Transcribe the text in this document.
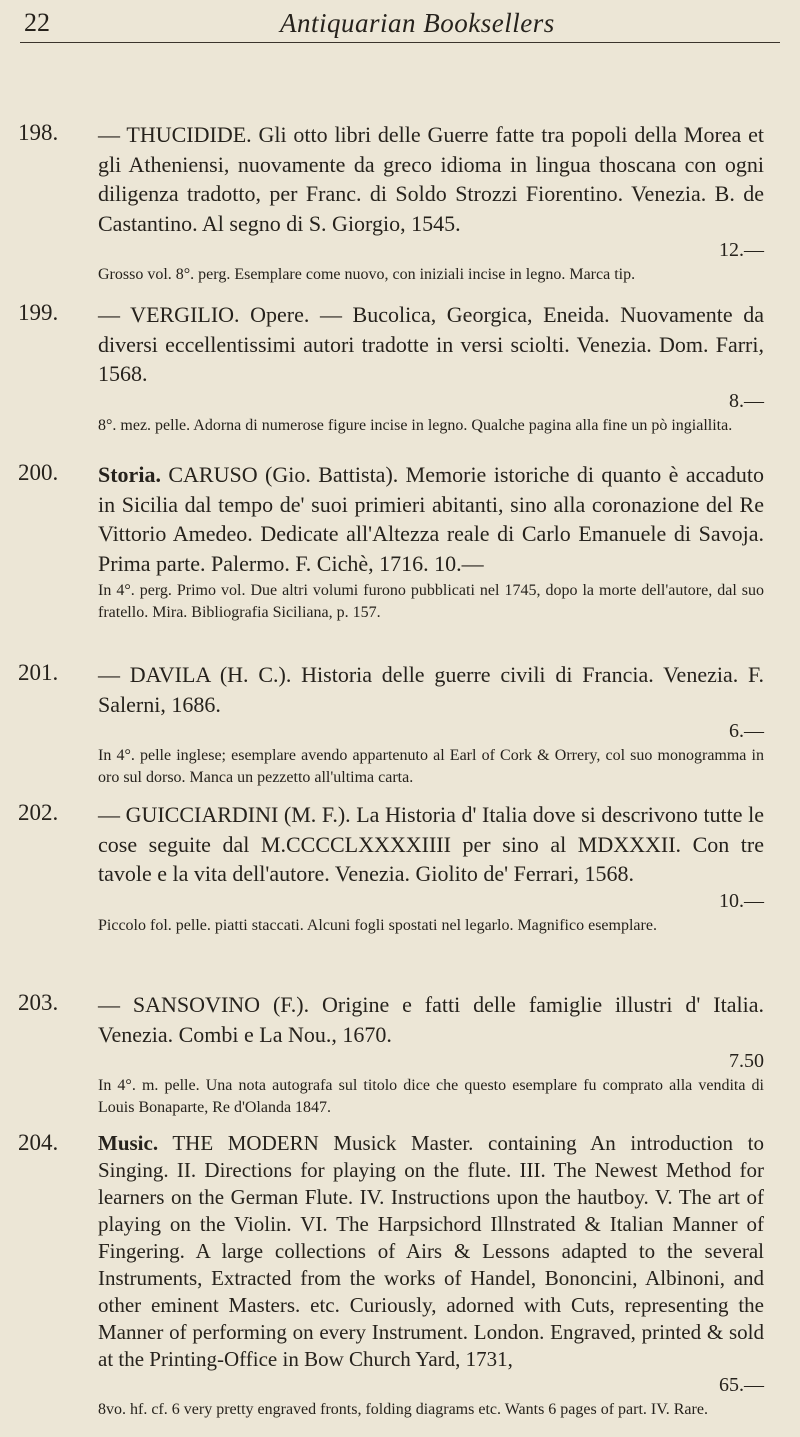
22	Antiquarian Booksellers
198.	— THUCIDIDE. Gli otto libri delle Guerre fatte tra popoli della Morea et gli Atheniensi, nuovamente da greco idioma in lingua thoscana con ogni diligenza tradotto, per Franc. di Soldo Strozzi Fiorentino. Venezia. B. de Castantino. Al segno di S. Giorgio, 1545.
12.—
Grosso vol. 8°. perg. Esemplare come nuovo, con iniziali incise in legno. Marca tip.
199.	— VERGILIO. Opere. — Bucolica, Georgica, Eneida. Nuovamente da diversi eccellentissimi autori tradotte in versi sciolti. Venezia. Dom. Farri, 1568.
8.—
8°. mez. pelle. Adorna di numerose figure incise in legno. Qualche pagina alla fine un pò ingiallita.
200.	Storia. CARUSO (Gio. Battista). Memorie istoriche di quanto è accaduto in Sicilia dal tempo de' suoi primieri abitanti, sino alla coronazione del Re Vittorio Amedeo. Dedicate all'Altezza reale di Carlo Emanuele di Savoja. Prima parte. Palermo. F. Cichè, 1716. 10.—
In 4°. perg. Primo vol. Due altri volumi furono pubblicati nel 1745, dopo la morte dell'autore, dal suo fratello. Mira. Bibliografia Siciliana, p. 157.
201.	— DAVILA (H. C.). Historia delle guerre civili di Francia. Venezia. F. Salerni, 1686.
6.—
In 4°. pelle inglese; esemplare avendo appartenuto al Earl of Cork & Orrery, col suo monogramma in oro sul dorso. Manca un pezzetto all'ultima carta.
202.	— GUICCIARDINI (M. F.). La Historia d' Italia dove si descrivono tutte le cose seguite dal M.CCCCLXXXXIIII per sino al MDXXXII. Con tre tavole e la vita dell'autore. Venezia. Giolito de' Ferrari, 1568.
10.—
Piccolo fol. pelle. piatti staccati. Alcuni fogli spostati nel legarlo. Magnifico esemplare.
203.	— SANSOVINO (F.). Origine e fatti delle famiglie illustri d' Italia. Venezia. Combi e La Nou., 1670.
7.50
In 4°. m. pelle. Una nota autografa sul titolo dice che questo esemplare fu comprato alla vendita di Louis Bonaparte, Re d'Olanda 1847.
204.	Music. THE MODERN Musick Master. containing An introduction to Singing. II. Directions for playing on the flute. III. The Newest Method for learners on the German Flute. IV. Instructions upon the hautboy. V. The art of playing on the Violin. VI. The Harpsichord Illnstrated & Italian Manner of Fingering. A large collections of Airs & Lessons adapted to the several Instruments, Extracted from the works of Handel, Bononcini, Albinoni, and other eminent Masters. etc. Curiously, adorned with Cuts, representing the Manner of performing on every Instrument. London. Engraved, printed & sold at the Printing-Office in Bow Church Yard, 1731,
65.—
8vo. hf. cf. 6 very pretty engraved fronts, folding diagrams etc. Wants 6 pages of part. IV. Rare.
